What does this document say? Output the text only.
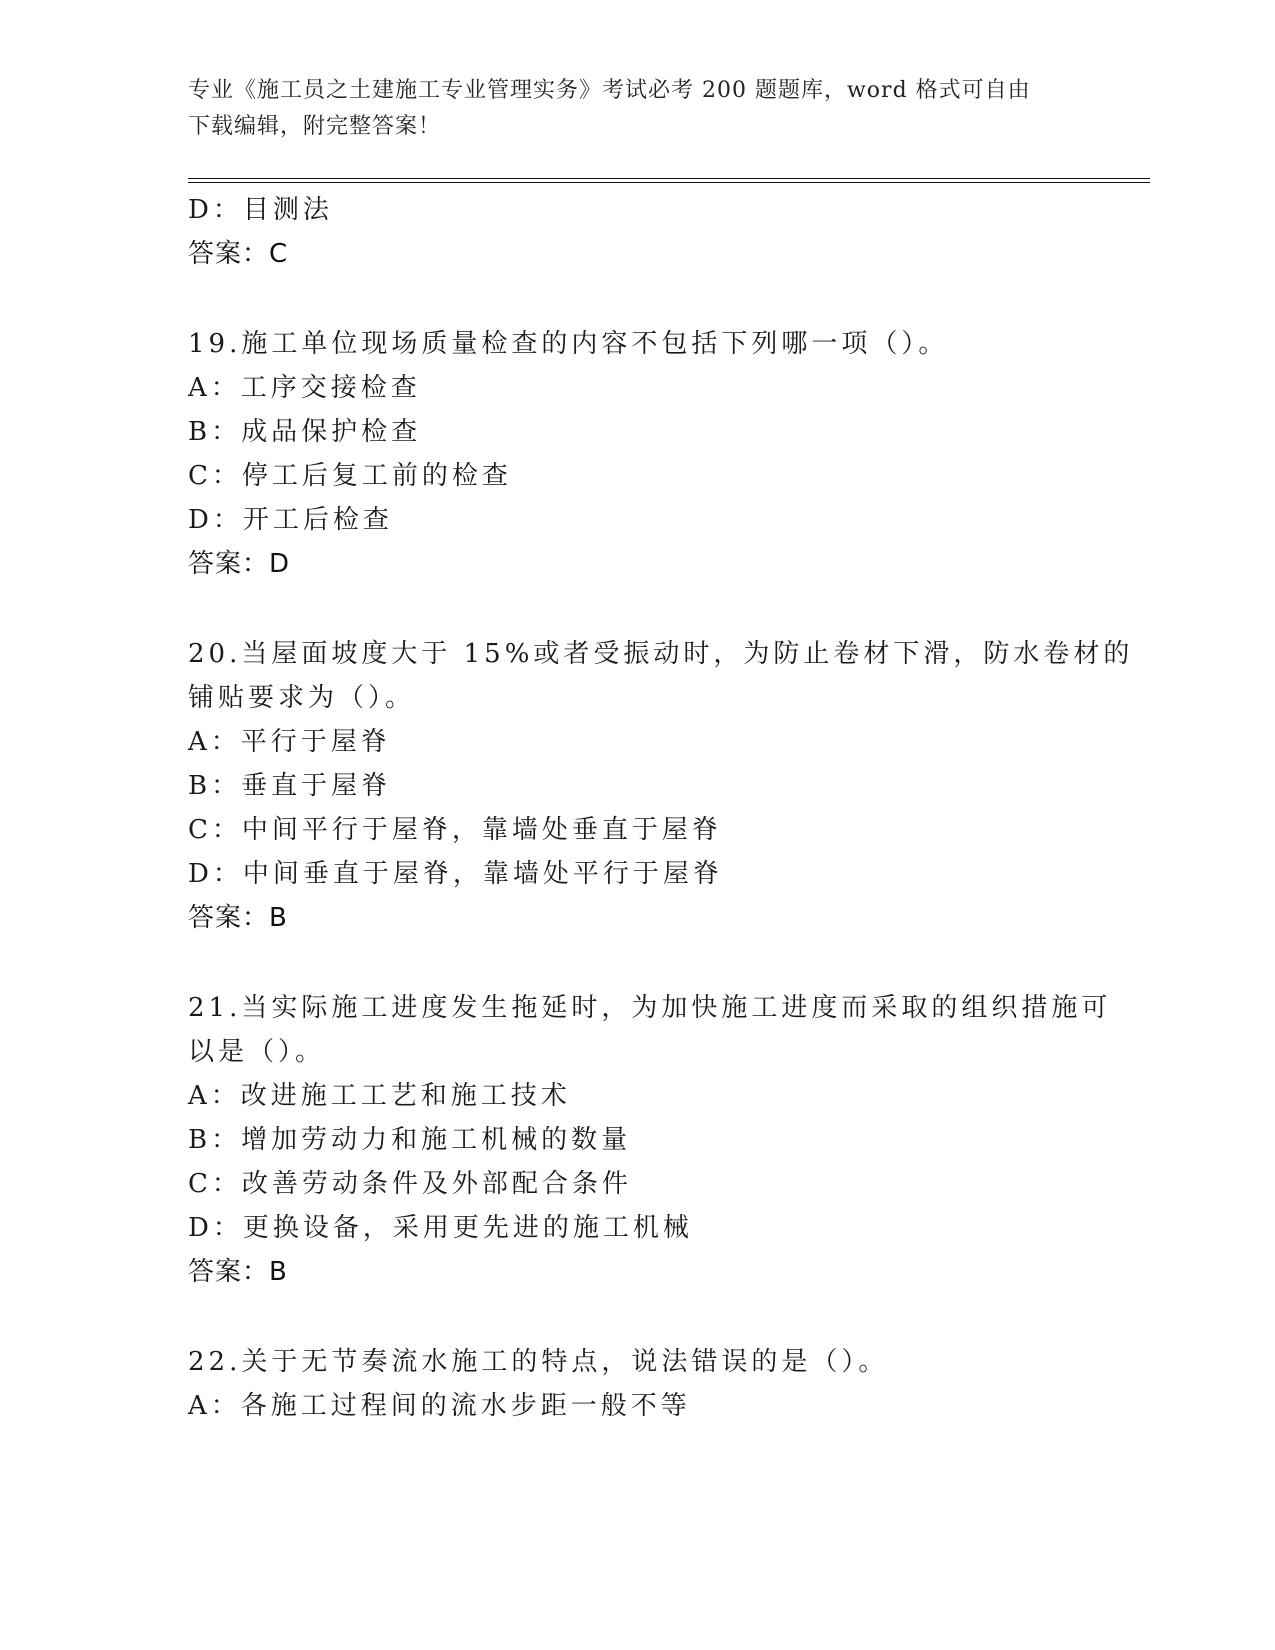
专业《施工员之土建施工专业管理实务》考试必考 200 题题库，word 格式可自由
下载编辑，附完整答案！
D：目测法
答案：C
19.施工单位现场质量检查的内容不包括下列哪一项（）。
A：工序交接检查
B：成品保护检查
C：停工后复工前的检查
D：开工后检查
答案：D
20.当屋面坡度大于 15%或者受振动时，为防止卷材下滑，防水卷材的
铺贴要求为（）。
A：平行于屋脊
B：垂直于屋脊
C：中间平行于屋脊，靠墙处垂直于屋脊
D：中间垂直于屋脊，靠墙处平行于屋脊
答案：B
21.当实际施工进度发生拖延时，为加快施工进度而采取的组织措施可
以是（）。
A：改进施工工艺和施工技术
B：增加劳动力和施工机械的数量
C：改善劳动条件及外部配合条件
D：更换设备，采用更先进的施工机械
答案：B
22.关于无节奏流水施工的特点，说法错误的是（）。
A：各施工过程间的流水步距一般不等
